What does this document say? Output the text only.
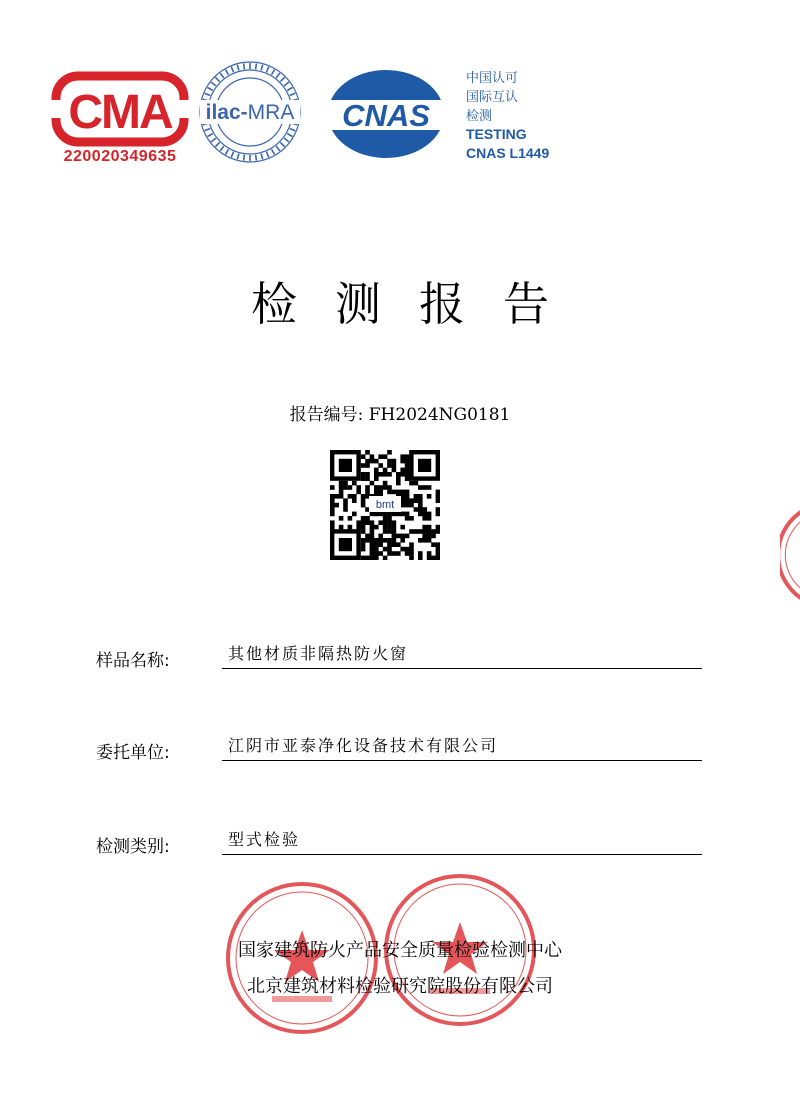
CMA
220020349635
ilac-MRA CNAS
中国认可
国际互认
检测
TESTING
CNAS L1449
检测报告
报告编号: FH2024NG0181
bmt
样品名称:	其他材质非隔热防火窗
委托单位:	江阴市亚泰净化设备技术有限公司
检测类别:	型式检验
国家建筑防火产品安全质量检验检测中心
北京建筑材料检验研究院股份有限公司
